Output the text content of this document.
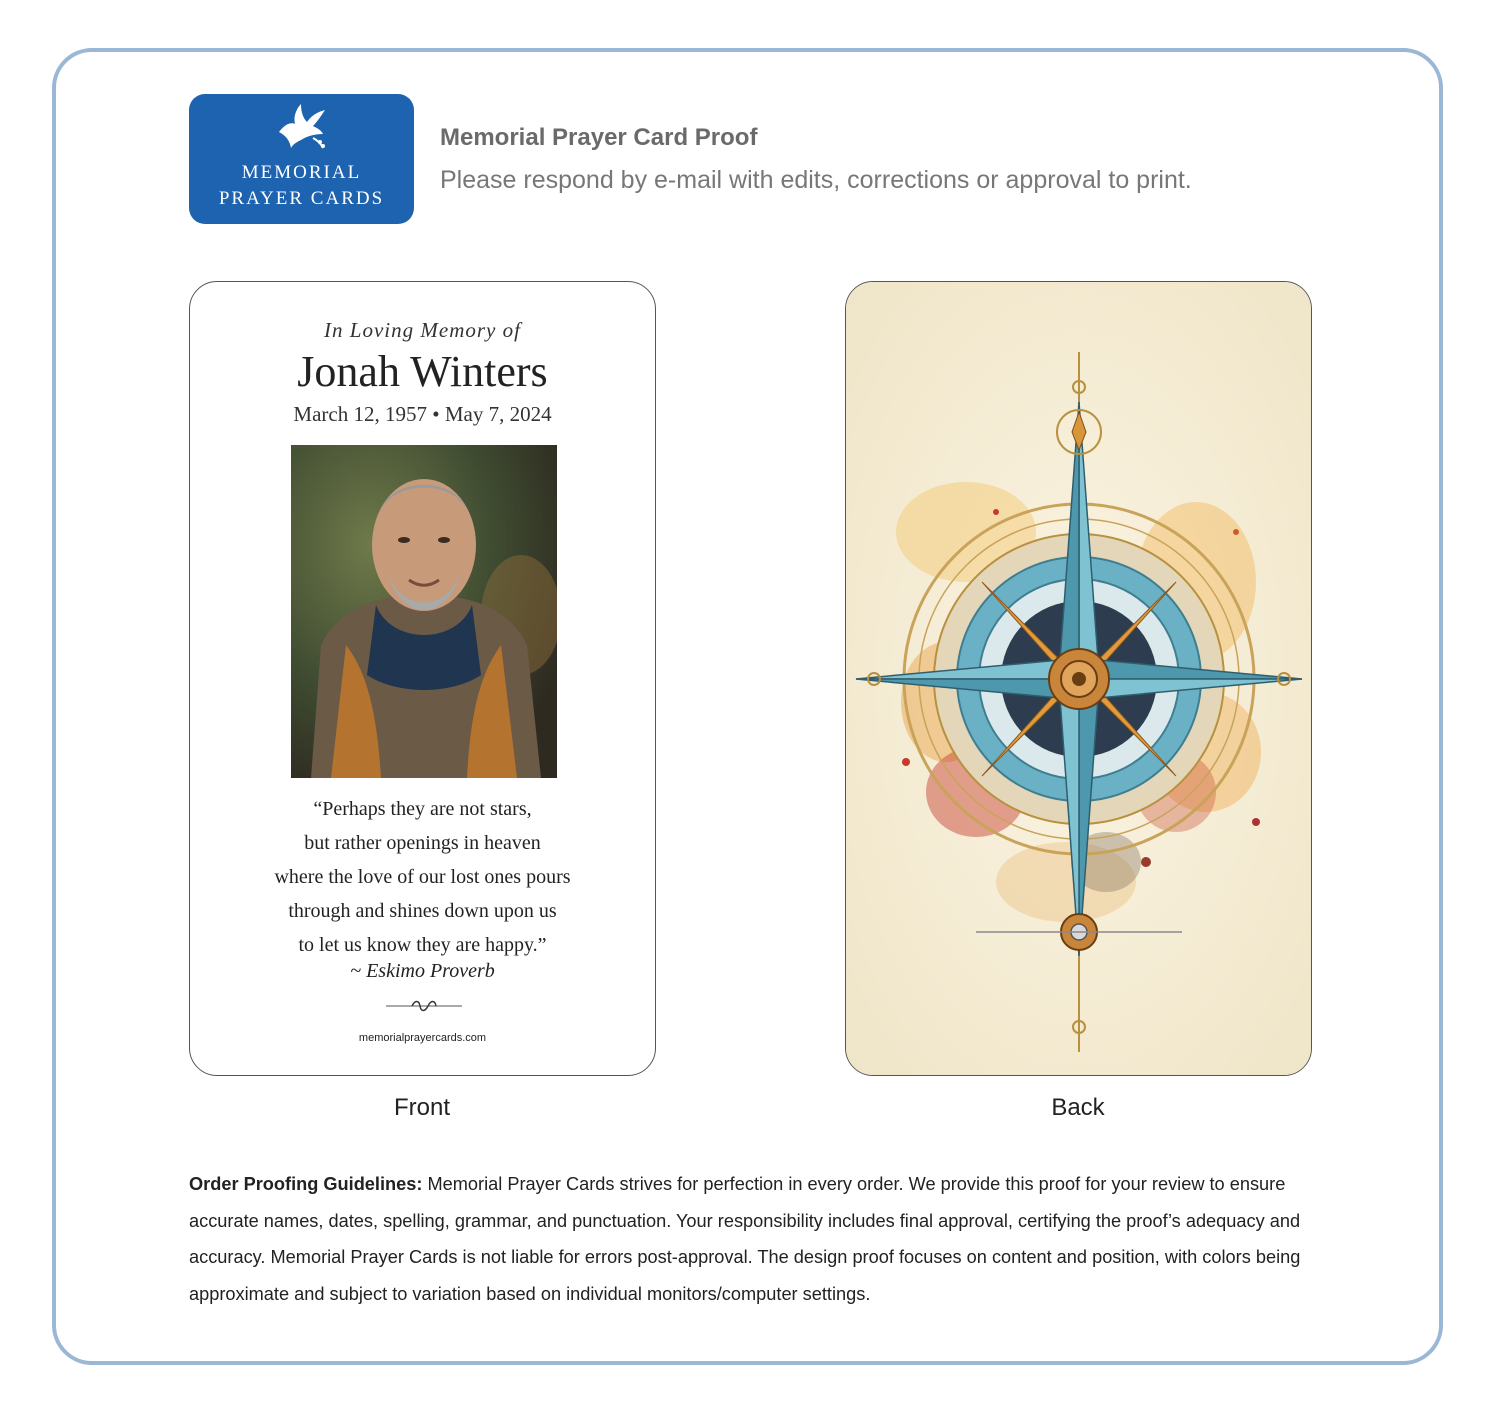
MEMORIAL
PRAYER CARDS
Memorial Prayer Card Proof
Please respond by e-mail with edits, corrections or approval to print.
In Loving Memory of
Jonah Winters
March 12, 1957 • May 7, 2024
“Perhaps they are not stars,
but rather openings in heaven
where the love of our lost ones pours
through and shines down upon us
to let us know they are happy.”
~ Eskimo Proverb
memorialprayercards.com
Front	Back
Order Proofing Guidelines: Memorial Prayer Cards strives for perfection in every order. We provide this proof for your review to ensure accurate names, dates, spelling, grammar, and punctuation. Your responsibility includes final approval, certifying the proof’s adequacy and accuracy. Memorial Prayer Cards is not liable for errors post-approval. The design proof focuses on content and position, with colors being approximate and subject to variation based on individual monitors/computer settings.
